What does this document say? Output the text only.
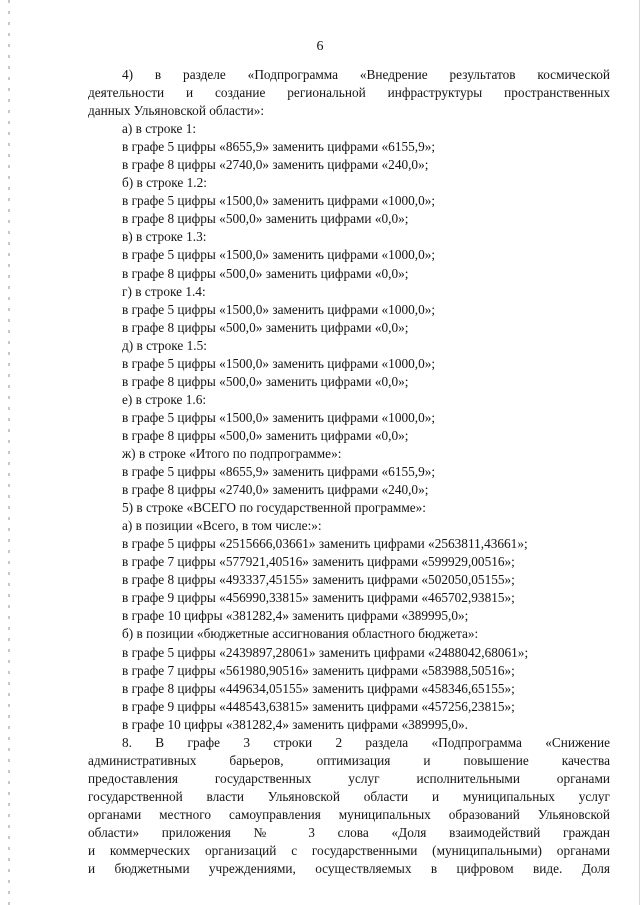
6
4) в разделе «Подпрограмма «Внедрение результатов космической
деятельности и создание региональной инфраструктуры пространственных
данных Ульяновской области»:
а) в строке 1:
в графе 5 цифры «8655,9» заменить цифрами «6155,9»;
в графе 8 цифры «2740,0» заменить цифрами «240,0»;
б) в строке 1.2:
в графе 5 цифры «1500,0» заменить цифрами «1000,0»;
в графе 8 цифры «500,0» заменить цифрами «0,0»;
в) в строке 1.3:
в графе 5 цифры «1500,0» заменить цифрами «1000,0»;
в графе 8 цифры «500,0» заменить цифрами «0,0»;
г) в строке 1.4:
в графе 5 цифры «1500,0» заменить цифрами «1000,0»;
в графе 8 цифры «500,0» заменить цифрами «0,0»;
д) в строке 1.5:
в графе 5 цифры «1500,0» заменить цифрами «1000,0»;
в графе 8 цифры «500,0» заменить цифрами «0,0»;
е) в строке 1.6:
в графе 5 цифры «1500,0» заменить цифрами «1000,0»;
в графе 8 цифры «500,0» заменить цифрами «0,0»;
ж) в строке «Итого по подпрограмме»:
в графе 5 цифры «8655,9» заменить цифрами «6155,9»;
в графе 8 цифры «2740,0» заменить цифрами «240,0»;
5) в строке «ВСЕГО по государственной программе»:
а) в позиции «Всего, в том числе:»:
в графе 5 цифры «2515666,03661» заменить цифрами «2563811,43661»;
в графе 7 цифры «577921,40516» заменить цифрами «599929,00516»;
в графе 8 цифры «493337,45155» заменить цифрами «502050,05155»;
в графе 9 цифры «456990,33815» заменить цифрами «465702,93815»;
в графе 10 цифры «381282,4» заменить цифрами «389995,0»;
б) в позиции «бюджетные ассигнования областного бюджета»:
в графе 5 цифры «2439897,28061» заменить цифрами «2488042,68061»;
в графе 7 цифры «561980,90516» заменить цифрами «583988,50516»;
в графе 8 цифры «449634,05155» заменить цифрами «458346,65155»;
в графе 9 цифры «448543,63815» заменить цифрами «457256,23815»;
в графе 10 цифры «381282,4» заменить цифрами «389995,0».
8. В графе 3 строки 2 раздела «Подпрограмма «Снижение
административных барьеров, оптимизация и повышение качества
предоставления государственных услуг исполнительными органами
государственной власти Ульяновской области и муниципальных услуг
органами местного самоуправления муниципальных образований Ульяновской
области» приложения № 3 слова «Доля взаимодействий граждан
и коммерческих организаций с государственными (муниципальными) органами
и бюджетными учреждениями, осуществляемых в цифровом виде. Доля
